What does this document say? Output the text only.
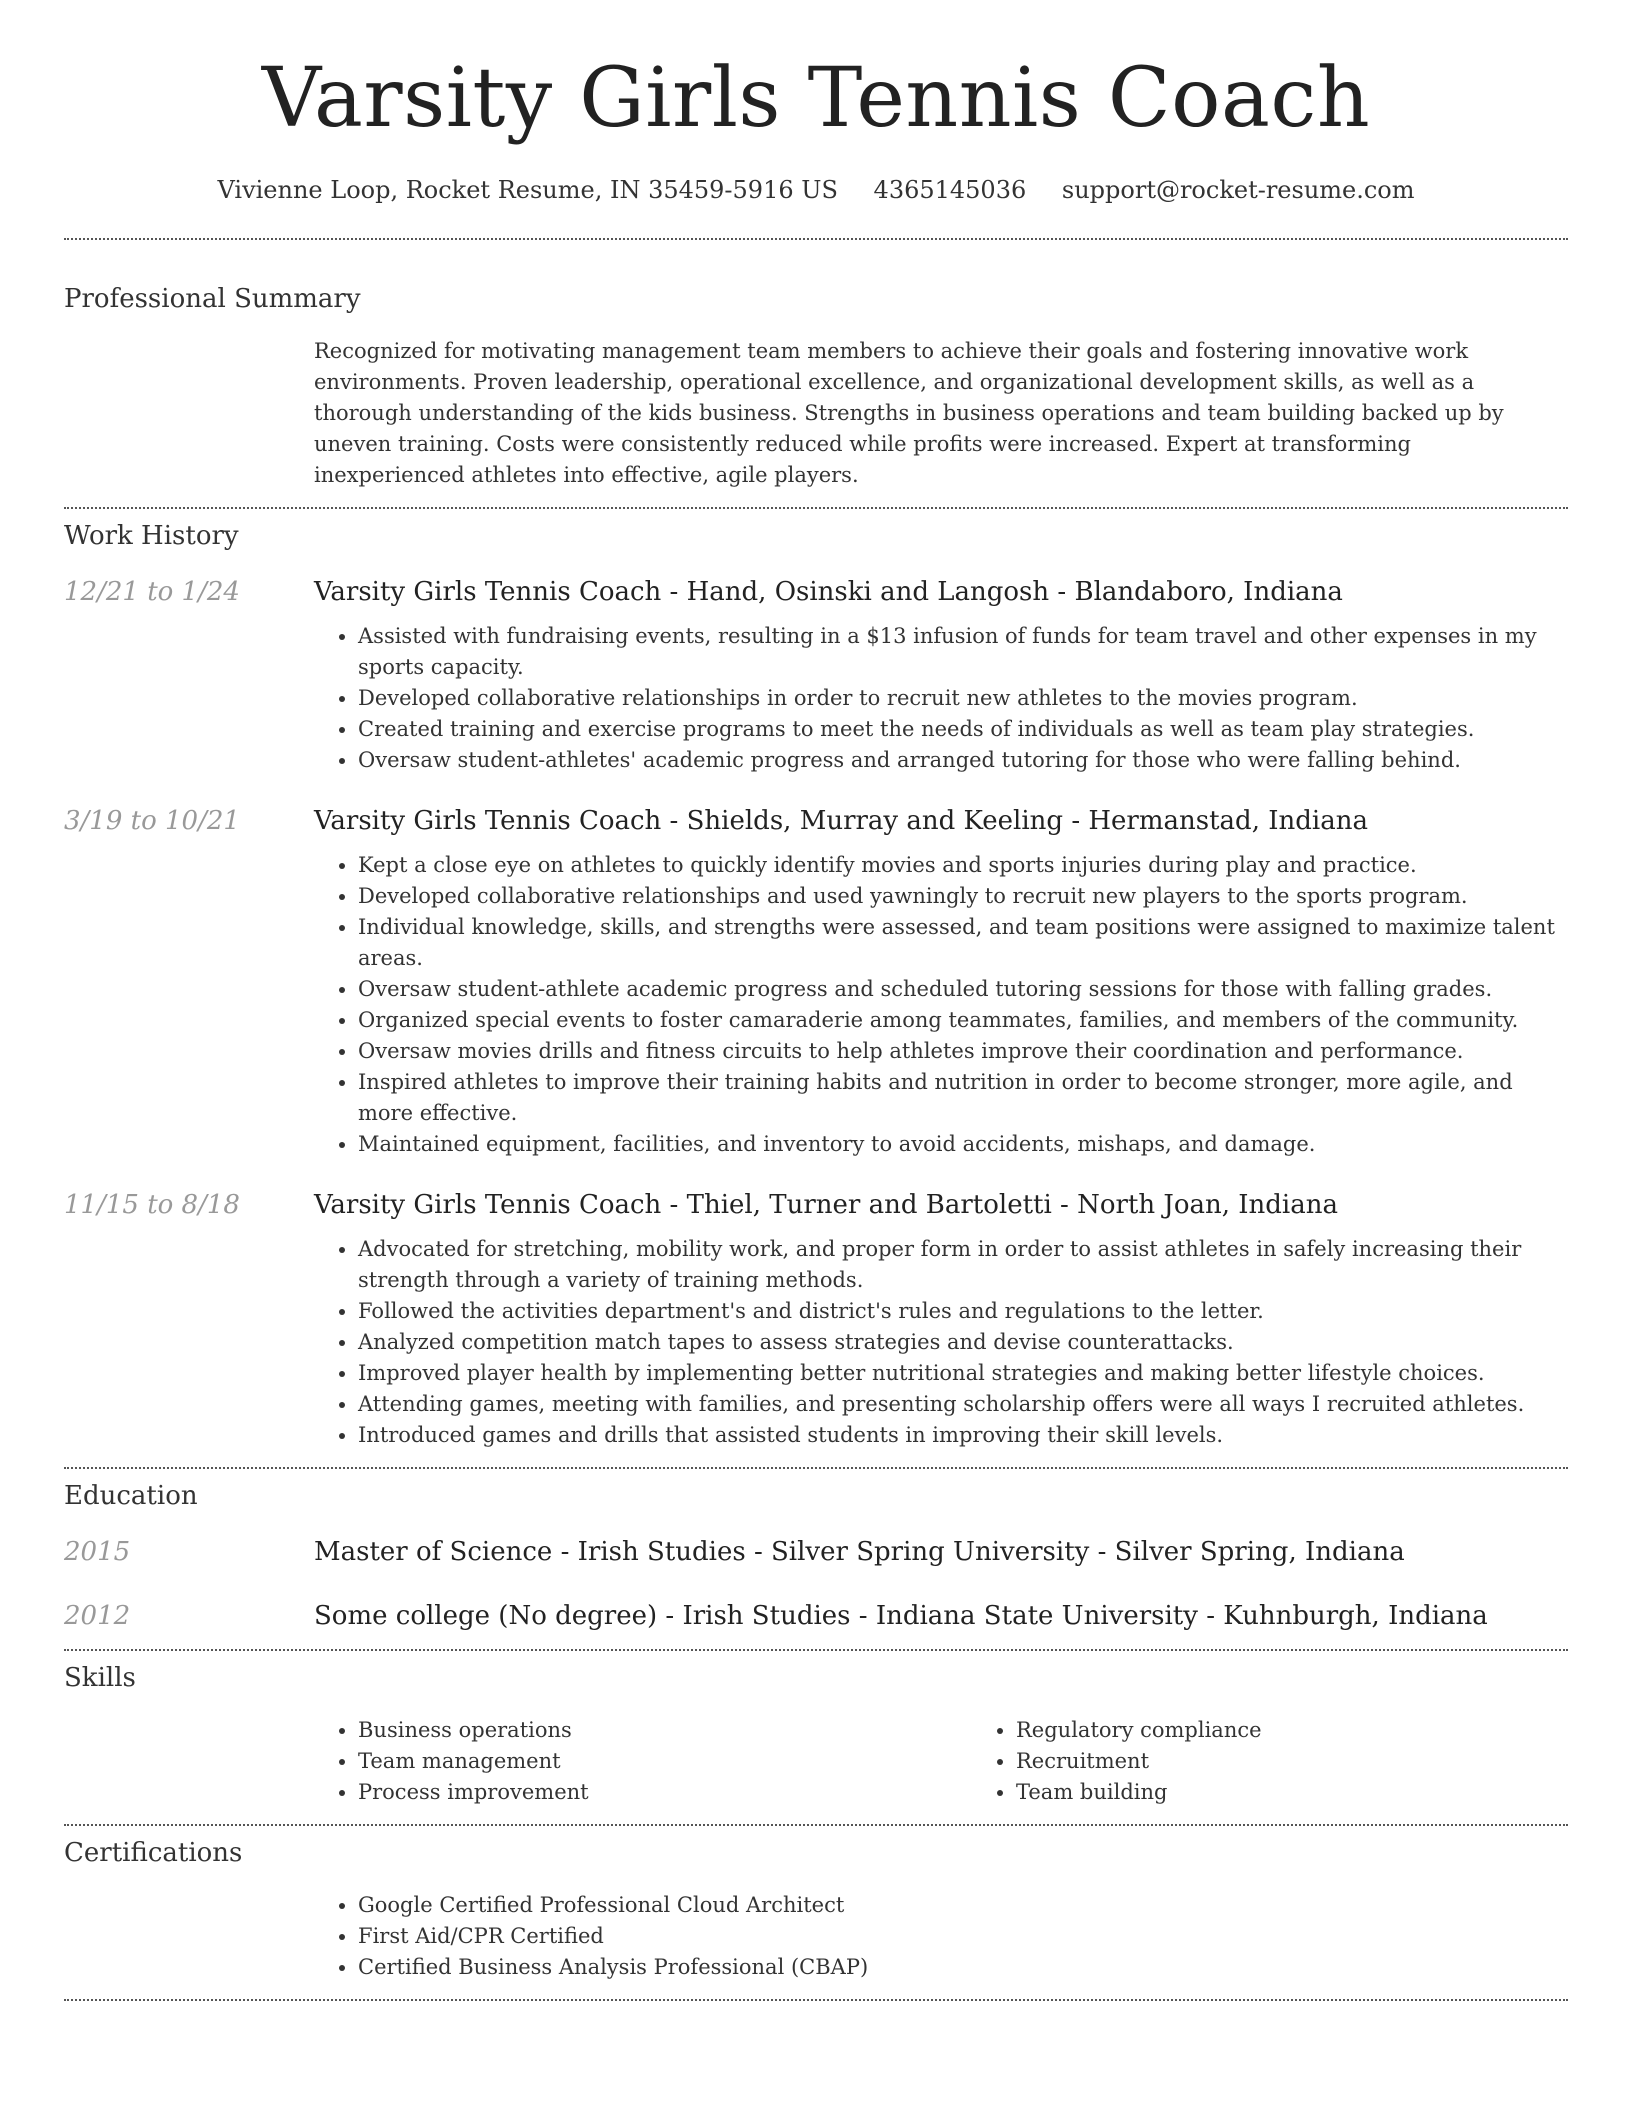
Varsity Girls Tennis Coach
Vivienne Loop, Rocket Resume, IN 35459-5916 US 4365145036 support@rocket-resume.com
Professional Summary
Recognized for motivating management team members to achieve their goals and fostering innovative work environments. Proven leadership, operational excellence, and organizational development skills, as well as a thorough understanding of the kids business. Strengths in business operations and team building backed up by uneven training. Costs were consistently reduced while profits were increased. Expert at transforming inexperienced athletes into effective, agile players.
Work History
12/21 to 1/24	Varsity Girls Tennis Coach - Hand, Osinski and Langosh - Blandaboro, Indiana
• Assisted with fundraising events, resulting in a $13 infusion of funds for team travel and other expenses in my sports capacity.
• Developed collaborative relationships in order to recruit new athletes to the movies program.
• Created training and exercise programs to meet the needs of individuals as well as team play strategies.
• Oversaw student-athletes' academic progress and arranged tutoring for those who were falling behind.
3/19 to 10/21	Varsity Girls Tennis Coach - Shields, Murray and Keeling - Hermanstad, Indiana
• Kept a close eye on athletes to quickly identify movies and sports injuries during play and practice.
• Developed collaborative relationships and used yawningly to recruit new players to the sports program.
• Individual knowledge, skills, and strengths were assessed, and team positions were assigned to maximize talent areas.
• Oversaw student-athlete academic progress and scheduled tutoring sessions for those with falling grades.
• Organized special events to foster camaraderie among teammates, families, and members of the community.
• Oversaw movies drills and fitness circuits to help athletes improve their coordination and performance.
• Inspired athletes to improve their training habits and nutrition in order to become stronger, more agile, and more effective.
• Maintained equipment, facilities, and inventory to avoid accidents, mishaps, and damage.
11/15 to 8/18	Varsity Girls Tennis Coach - Thiel, Turner and Bartoletti - North Joan, Indiana
• Advocated for stretching, mobility work, and proper form in order to assist athletes in safely increasing their strength through a variety of training methods.
• Followed the activities department's and district's rules and regulations to the letter.
• Analyzed competition match tapes to assess strategies and devise counterattacks.
• Improved player health by implementing better nutritional strategies and making better lifestyle choices.
• Attending games, meeting with families, and presenting scholarship offers were all ways I recruited athletes.
• Introduced games and drills that assisted students in improving their skill levels.
Education
2015	Master of Science - Irish Studies - Silver Spring University - Silver Spring, Indiana
2012	Some college (No degree) - Irish Studies - Indiana State University - Kuhnburgh, Indiana
Skills
• Business operations
• Team management
• Process improvement
• Regulatory compliance
• Recruitment
• Team building
Certifications
• Google Certified Professional Cloud Architect
• First Aid/CPR Certified
• Certified Business Analysis Professional (CBAP)
